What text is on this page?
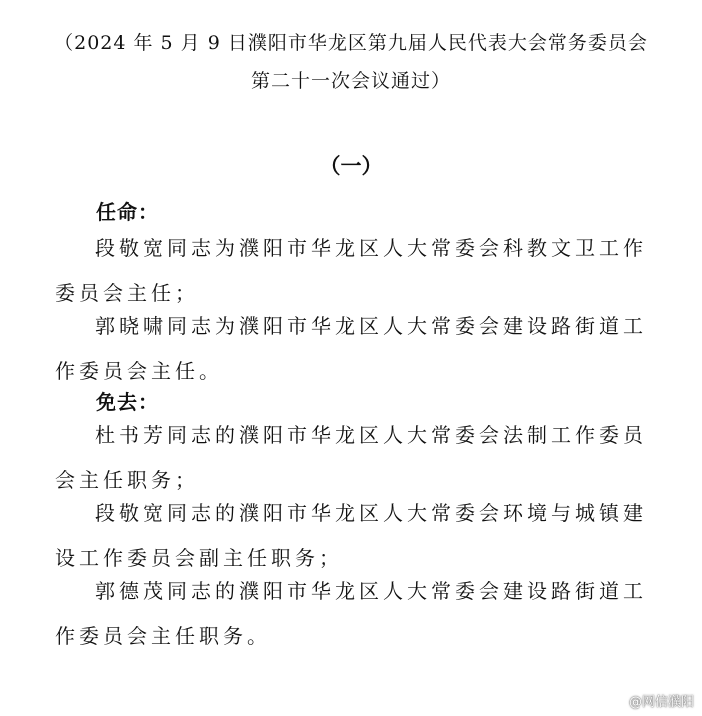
（2024 年 5 月 9 日濮阳市华龙区第九届人民代表大会常务委员会
第二十一次会议通过）
（一）
任命：

段敬宽同志为濮阳市华龙区人大常委会科教文卫工作委员会主任；

郭晓啸同志为濮阳市华龙区人大常委会建设路街道工作委员会主任。

免去：

杜书芳同志的濮阳市华龙区人大常委会法制工作委员会主任职务；

段敬宽同志的濮阳市华龙区人大常委会环境与城镇建设工作委员会副主任职务；

郭德茂同志的濮阳市华龙区人大常委会建设路街道工作委员会主任职务。

@网信濮阳
